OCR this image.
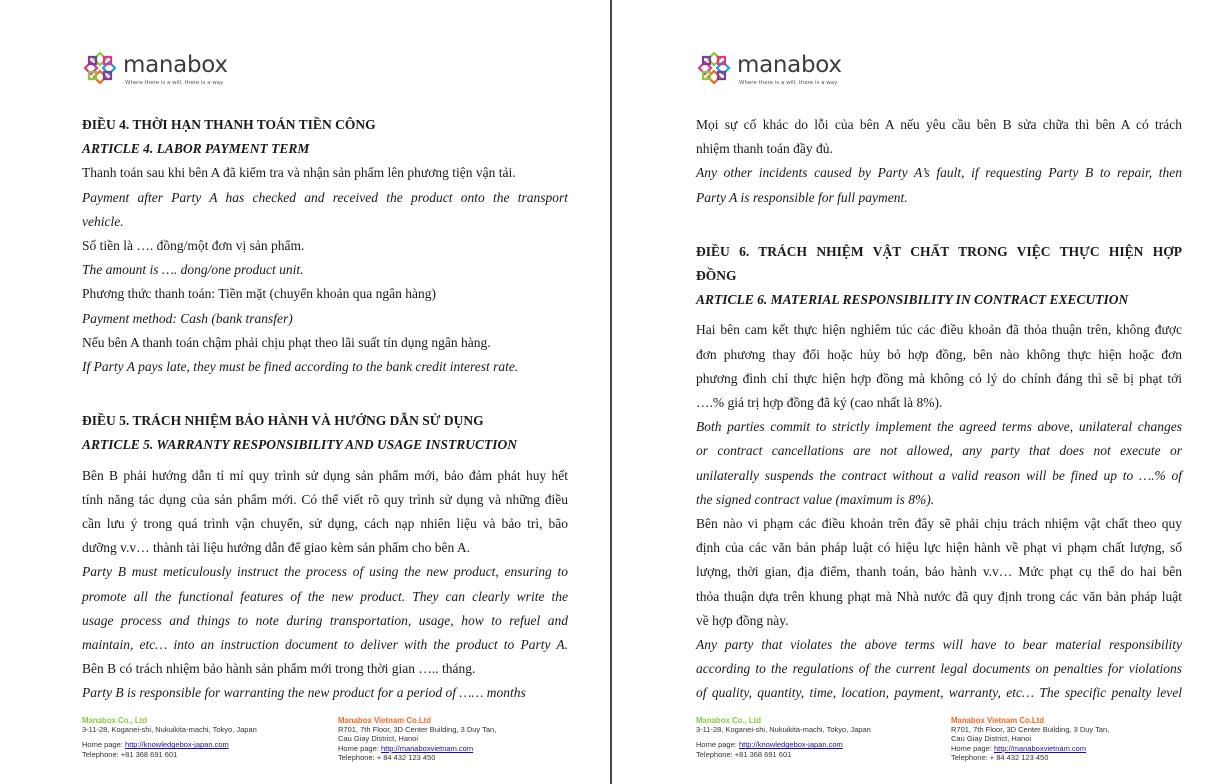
manabox
Where there is a will, there is a way
ĐIỀU 4. THỜI HẠN THANH TOÁN TIỀN CÔNG
ARTICLE 4. LABOR PAYMENT TERM
Thanh toán sau khi bên A đã kiểm tra và nhận sản phẩm lên phương tiện vận tải.
Payment after Party A has checked and received the product onto the transport
vehicle.
Số tiền là …. đồng/một đơn vị sản phẩm.
The amount is …. dong/one product unit.
Phương thức thanh toán: Tiền mặt (chuyển khoản qua ngân hàng)
Payment method: Cash (bank transfer)
Nếu bên A thanh toán chậm phải chịu phạt theo lãi suất tín dụng ngân hàng.
If Party A pays late, they must be fined according to the bank credit interest rate.
ĐIỀU 5. TRÁCH NHIỆM BẢO HÀNH VÀ HƯỚNG DẪN SỬ DỤNG
ARTICLE 5. WARRANTY RESPONSIBILITY AND USAGE INSTRUCTION
Bên B phải hướng dẫn tỉ mỉ quy trình sử dụng sản phẩm mới, bảo đảm phát huy hết
tính năng tác dụng của sản phẩm mới. Có thể viết rõ quy trình sử dụng và những điều
cần lưu ý trong quá trình vận chuyển, sử dụng, cách nạp nhiên liệu và bảo trì, bão
dưỡng v.v… thành tài liệu hướng dẫn để giao kèm sản phẩm cho bên A.
Party B must meticulously instruct the process of using the new product, ensuring to
promote all the functional features of the new product. They can clearly write the
usage process and things to note during transportation, usage, how to refuel and
maintain, etc… into an instruction document to deliver with the product to Party A.
Bên B có trách nhiệm bảo hành sản phẩm mới trong thời gian ….. tháng.
Party B is responsible for warranting the new product for a period of …… months
Manabox Co., Ltd
3-11-28, Koganei-shi, Nukuikita-machi, Tokyo, Japan
Home page: http://knowledgebox-japan.com
Telephone: +81 368 691 601
Manabox Vietnam Co.Ltd
R701, 7th Floor, 3D Center Building, 3 Duy Tan,
Cau Giay District, Hanoi
Home page: http://manaboxvietnam.com
Telephone: + 84 432 123 450
manabox
Where there is a will, there is a way
Mọi sự cố khác do lỗi của bên A nếu yêu cầu bên B sửa chữa thì bên A có trách
nhiệm thanh toán đầy đủ.
Any other incidents caused by Party A’s fault, if requesting Party B to repair, then
Party A is responsible for full payment.
ĐIỀU 6. TRÁCH NHIỆM VẬT CHẤT TRONG VIỆC THỰC HIỆN HỢP
ĐỒNG
ARTICLE 6. MATERIAL RESPONSIBILITY IN CONTRACT EXECUTION
Hai bên cam kết thực hiện nghiêm túc các điều khoản đã thỏa thuận trên, không được
đơn phương thay đổi hoặc hủy bỏ hợp đồng, bên nào không thực hiện hoặc đơn
phương đình chỉ thực hiện hợp đồng mà không có lý do chính đáng thì sẽ bị phạt tới
….% giá trị hợp đồng đã ký (cao nhất là 8%).
Both parties commit to strictly implement the agreed terms above, unilateral changes
or contract cancellations are not allowed, any party that does not execute or
unilaterally suspends the contract without a valid reason will be fined up to ….% of
the signed contract value (maximum is 8%).
Bên nào vi phạm các điều khoản trên đây sẽ phải chịu trách nhiệm vật chất theo quy
định của các văn bản pháp luật có hiệu lực hiện hành về phạt vi phạm chất lượng, số
lượng, thời gian, địa điểm, thanh toán, bảo hành v.v… Mức phạt cụ thể do hai bên
thỏa thuận dựa trên khung phạt mà Nhà nước đã quy định trong các văn bản pháp luật
về hợp đồng này.
Any party that violates the above terms will have to bear material responsibility
according to the regulations of the current legal documents on penalties for violations
of quality, quantity, time, location, payment, warranty, etc… The specific penalty level
Manabox Co., Ltd
3-11-28, Koganei-shi, Nukuikita-machi, Tokyo, Japan
Home page: http://knowledgebox-japan.com
Telephone: +81 368 691 601
Manabox Vietnam Co.Ltd
R701, 7th Floor, 3D Center Building, 3 Duy Tan,
Cau Giay District, Hanoi
Home page: http://manaboxvietnam.com
Telephone: + 84 432 123 450
